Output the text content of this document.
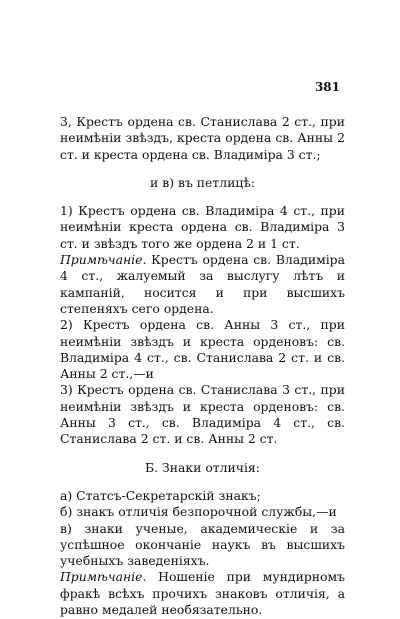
381

3, Крестъ ордена св. Станислава 2 ст., при неимѣніи звѣздъ, креста ордена св. Анны 2 ст. и креста ордена св. Владиміра 3 ст.;

и в) въ петлицѣ:

1) Крестъ ордена св. Владиміра 4 ст., при неимѣніи креста ордена св. Владиміра 3 ст. и звѣздъ того же ордена 2 и 1 ст.

Примѣчаніе. Крестъ ордена св. Владиміра 4 ст., жалуемый за выслугу лѣтъ и кампаній, носится и при высшихъ степеняхъ сего ордена.

2) Крестъ ордена св. Анны 3 ст., при неимѣніи звѣздъ и креста орденовъ: св. Владиміра 4 ст., св. Станислава 2 ст. и св. Анны 2 ст.,—и

3) Крестъ ордена св. Станислава 3 ст., при неимѣніи звѣздъ и креста орденовъ: св. Анны 3 ст., св. Владиміра 4 ст., св. Станислава 2 ст. и св. Анны 2 ст.

Б. Знаки отличія:

а) Статсъ-Секретарскій знакъ;

б) знакъ отличія безпорочной службы,—и

в) знаки ученые, академическіе и за успѣшное окончаніе наукъ въ высшихъ учебныхъ заведеніяхъ.

Примѣчаніе. Ношеніе при мундирномъ фракѣ всѣхъ прочихъ знаковъ отличія, а равно медалей необязательно.
